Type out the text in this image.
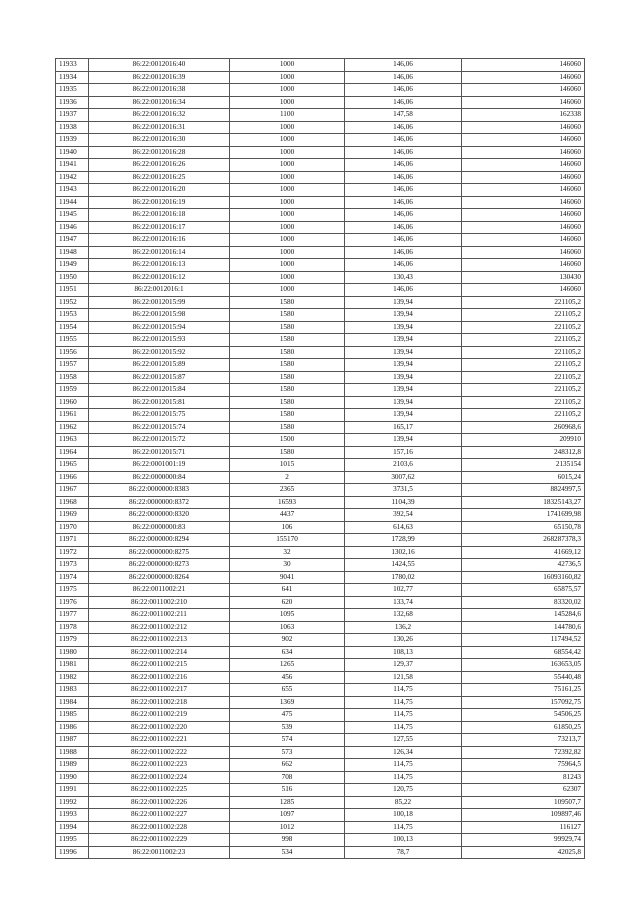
11933	86:22:0012016:40	1000	146,06	146060
11934	86:22:0012016:39	1000	146,06	146060
11935	86:22:0012016:38	1000	146,06	146060
11936	86:22:0012016:34	1000	146,06	146060
11937	86:22:0012016:32	1100	147,58	162338
11938	86:22:0012016:31	1000	146,06	146060
11939	86:22:0012016:30	1000	146,06	146060
11940	86:22:0012016:28	1000	146,06	146060
11941	86:22:0012016:26	1000	146,06	146060
11942	86:22:0012016:25	1000	146,06	146060
11943	86:22:0012016:20	1000	146,06	146060
11944	86:22:0012016:19	1000	146,06	146060
11945	86:22:0012016:18	1000	146,06	146060
11946	86:22:0012016:17	1000	146,06	146060
11947	86:22:0012016:16	1000	146,06	146060
11948	86:22:0012016:14	1000	146,06	146060
11949	86:22:0012016:13	1000	146,06	146060
11950	86:22:0012016:12	1000	130,43	130430
11951	86:22:0012016:1	1000	146,06	146060
11952	86:22:0012015:99	1580	139,94	221105,2
11953	86:22:0012015:98	1580	139,94	221105,2
11954	86:22:0012015:94	1580	139,94	221105,2
11955	86:22:0012015:93	1580	139,94	221105,2
11956	86:22:0012015:92	1580	139,94	221105,2
11957	86:22:0012015:89	1580	139,94	221105,2
11958	86:22:0012015:87	1580	139,94	221105,2
11959	86:22:0012015:84	1580	139,94	221105,2
11960	86:22:0012015:81	1580	139,94	221105,2
11961	86:22:0012015:75	1580	139,94	221105,2
11962	86:22:0012015:74	1580	165,17	260968,6
11963	86:22:0012015:72	1500	139,94	209910
11964	86:22:0012015:71	1580	157,16	248312,8
11965	86:22:0001001:19	1015	2103,6	2135154
11966	86:22:0000000:84	2	3007,62	6015,24
11967	86:22:0000000:8383	2365	3731,5	8824997,5
11968	86:22:0000000:8372	16593	1104,39	18325143,27
11969	86:22:0000000:8320	4437	392,54	1741699,98
11970	86:22:0000000:83	106	614,63	65150,78
11971	86:22:0000000:8294	155170	1728,99	268287378,3
11972	86:22:0000000:8275	32	1302,16	41669,12
11973	86:22:0000000:8273	30	1424,55	42736,5
11974	86:22:0000000:8264	9041	1780,02	16093160,82
11975	86:22:0011002:21	641	102,77	65875,57
11976	86:22:0011002:210	620	133,74	83320,02
11977	86:22:0011002:211	1095	132,68	145284,6
11978	86:22:0011002:212	1063	136,2	144780,6
11979	86:22:0011002:213	902	130,26	117494,52
11980	86:22:0011002:214	634	108,13	68554,42
11981	86:22:0011002:215	1265	129,37	163653,05
11982	86:22:0011002:216	456	121,58	55440,48
11983	86:22:0011002:217	655	114,75	75161,25
11984	86:22:0011002:218	1369	114,75	157092,75
11985	86:22:0011002:219	475	114,75	54506,25
11986	86:22:0011002:220	539	114,75	61850,25
11987	86:22:0011002:221	574	127,55	73213,7
11988	86:22:0011002:222	573	126,34	72392,82
11989	86:22:0011002:223	662	114,75	75964,5
11990	86:22:0011002:224	708	114,75	81243
11991	86:22:0011002:225	516	120,75	62307
11992	86:22:0011002:226	1285	85,22	109507,7
11993	86:22:0011002:227	1097	100,18	109897,46
11994	86:22:0011002:228	1012	114,75	116127
11995	86:22:0011002:229	998	100,13	99929,74
11996	86:22:0011002:23	534	78,7	42025,8
